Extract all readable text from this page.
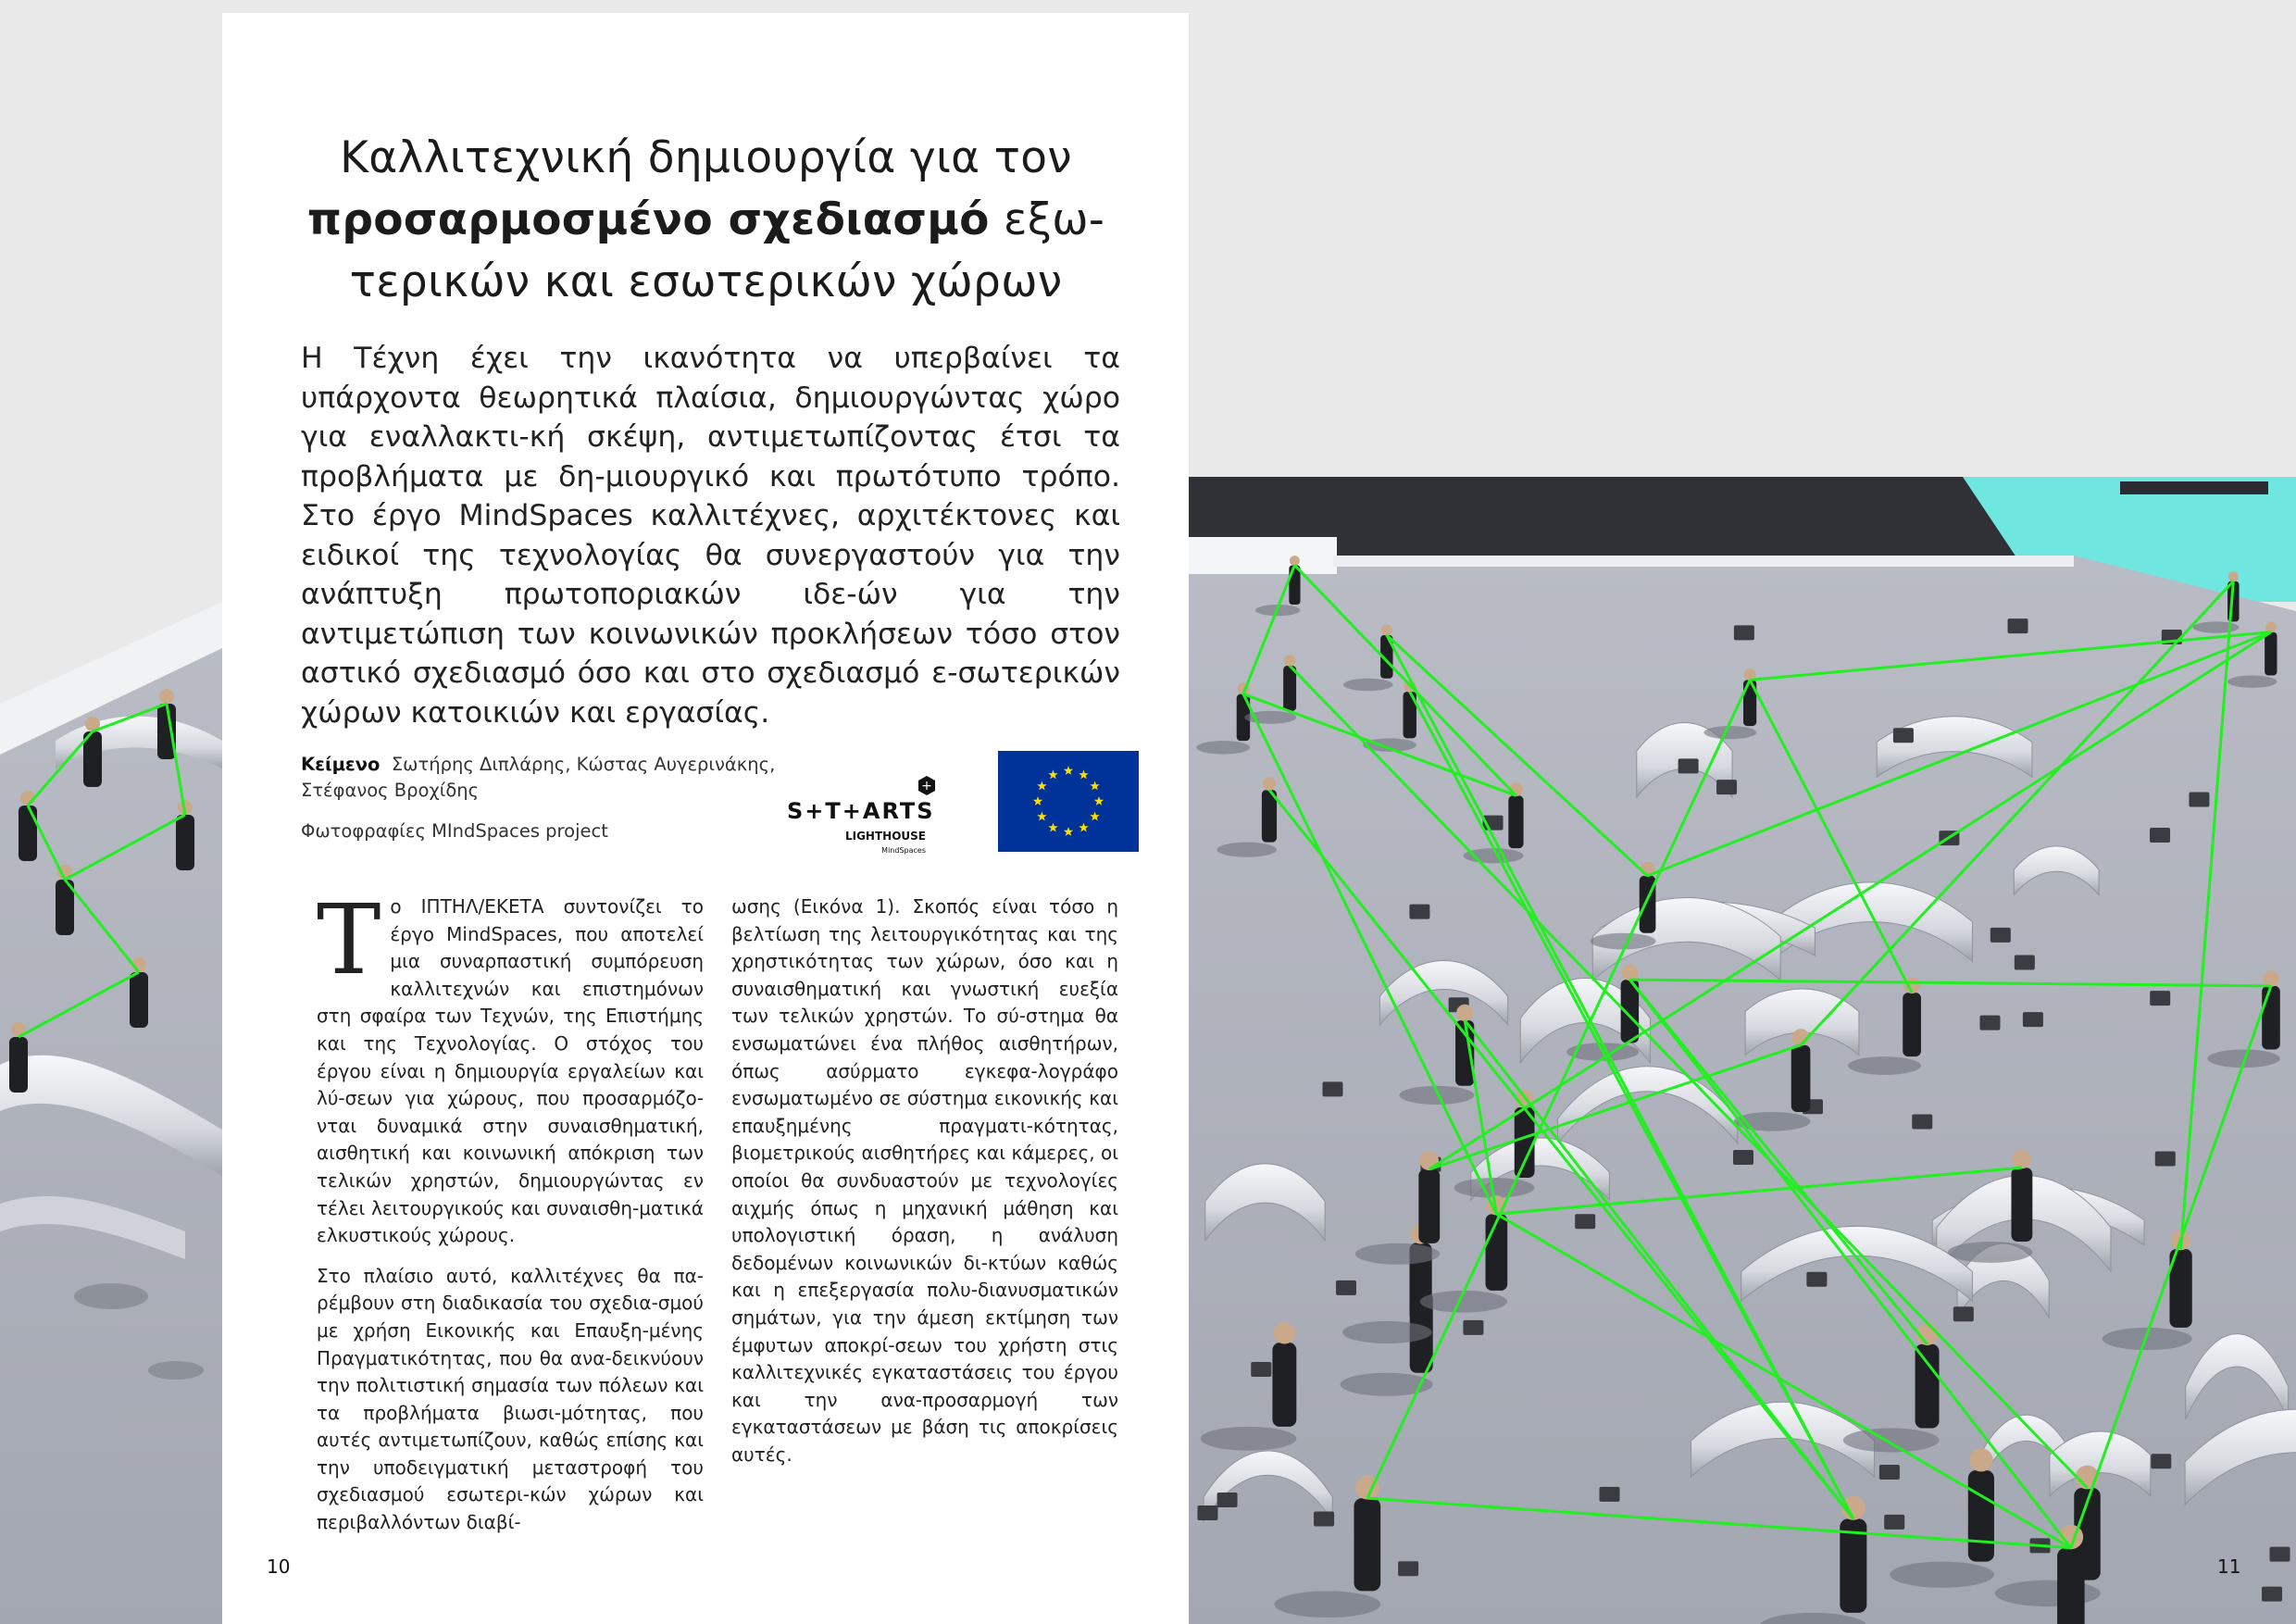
Καλλιτεχνική δημιουργία για τον
προσαρμοσμένο σχεδιασμό εξω-
τερικών και εσωτερικών χώρων
Η Τέχνη έχει την ικανότητα να υπερβαίνει τα υπάρχοντα θεωρητικά πλαίσια, δημιουργώντας χώρο για εναλλακτι-κή σκέψη, αντιμετωπίζοντας έτσι τα προβλήματα με δη-μιουργικό και πρωτότυπο τρόπο. Στο έργο MindSpaces καλλιτέχνες, αρχιτέκτονες και ειδικοί της τεχνολογίας θα συνεργαστούν για την ανάπτυξη πρωτοποριακών ιδε-ών για την αντιμετώπιση των κοινωνικών προκλήσεων τόσο στον αστικό σχεδιασμό όσο και στο σχεδιασμό ε-σωτερικών χώρων κατοικιών και εργασίας.
Κείμενο Σωτήρης Διπλάρης, Κώστας Αυγερινάκης, Στέφανος Βροχίδης
Φωτοφραφίες MIndSpaces project
+
S+T+ARTS
LIGHTHOUSE
MindSpaces

Το ΙΠΤΗΛ/ΕΚΕΤΑ συντονίζει το έργο MindSpaces, που αποτελεί μια συναρπαστική συμπόρευση καλλιτεχνών και επιστημόνων στη σφαίρα των Τεχνών, της Επιστήμης και της Τεχνολογίας. Ο στόχος του έργου είναι η δημιουργία εργαλείων και λύ-σεων για χώρους, που προσαρμόζο-νται δυναμικά στην συναισθηματική, αισθητική και κοινωνική απόκριση των τελικών χρηστών, δημιουργώντας εν τέλει λειτουργικούς και συναισθη-ματικά ελκυστικούς χώρους.

Στο πλαίσιο αυτό, καλλιτέχνες θα πα-ρέμβουν στη διαδικασία του σχεδια-σμού με χρήση Εικονικής και Επαυξη-μένης Πραγματικότητας, που θα ανα-δεικνύουν την πολιτιστική σημασία των πόλεων και τα προβλήματα βιωσι-μότητας, που αυτές αντιμετωπίζουν, καθώς επίσης και την υποδειγματική μεταστροφή του σχεδιασμού εσωτερι-κών χώρων και περιβαλλόντων διαβί-

ωσης (Εικόνα 1). Σκοπός είναι τόσο η βελτίωση της λειτουργικότητας και της χρηστικότητας των χώρων, όσο και η συναισθηματική και γνωστική ευεξία των τελικών χρηστών. Το σύ-στημα θα ενσωματώνει ένα πλήθος αισθητήρων, όπως ασύρματο εγκεφα-λογράφο ενσωματωμένο σε σύστημα εικονικής και επαυξημένης πραγματι-κότητας, βιομετρικούς αισθητήρες και κάμερες, οι οποίοι θα συνδυαστούν με τεχνολογίες αιχμής όπως η μηχανική μάθηση και υπολογιστική όραση, η ανάλυση δεδομένων κοινωνικών δι-κτύων καθώς και η επεξεργασία πολυ-διανυσματικών σημάτων, για την άμεση εκτίμηση των έμφυτων αποκρί-σεων του χρήστη στις καλλιτεχνικές εγκαταστάσεις του έργου και την ανα-προσαρμογή των εγκαταστάσεων με βάση τις αποκρίσεις αυτές.

10	11
